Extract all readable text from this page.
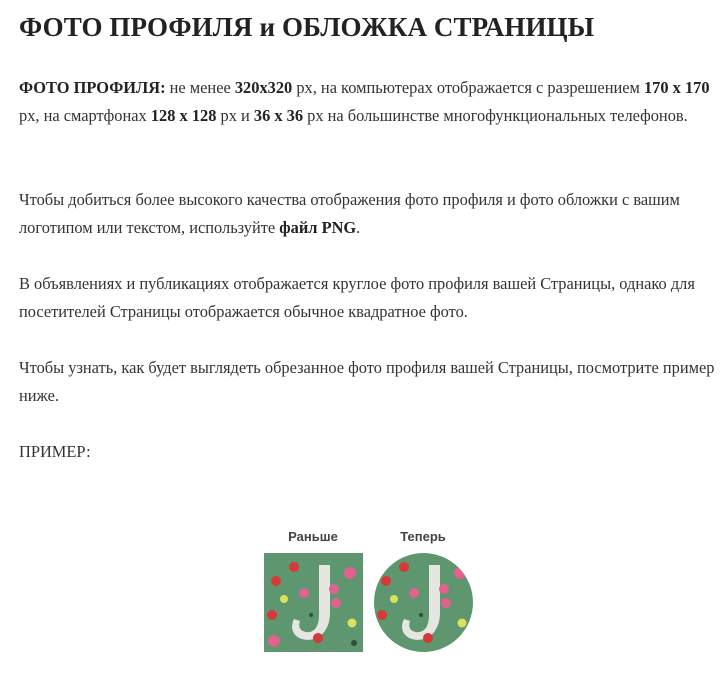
ФОТО ПРОФИЛЯ и ОБЛОЖКА СТРАНИЦЫ

ФОТО ПРОФИЛЯ: не менее 320x320 px, на компьютерах отображается с разрешением 170 x 170 px, на смартфонах 128 x 128 px и 36 x 36 px на большинстве многофункциональных телефонов.

Чтобы добиться более высокого качества отображения фото профиля и фото обложки с вашим логотипом или текстом, используйте файл PNG.

В объявлениях и публикациях отображается круглое фото профиля вашей Страницы, однако для посетителей Страницы отображается обычное квадратное фото.

Чтобы узнать, как будет выглядеть обрезанное фото профиля вашей Страницы, посмотрите пример ниже.

ПРИМЕР:

Раньше	Теперь
